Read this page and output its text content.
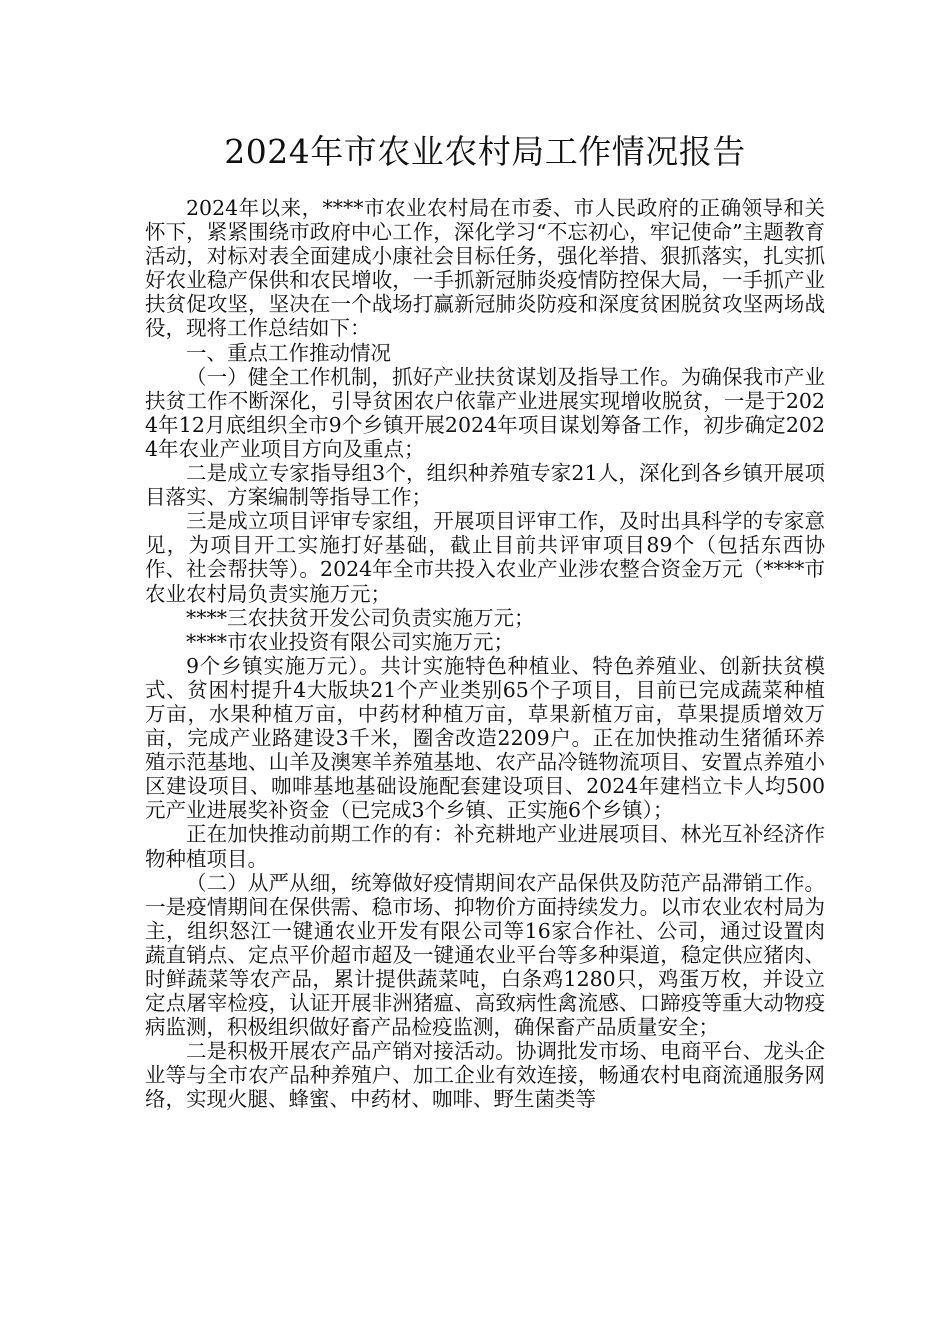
2024年市农业农村局工作情况报告

2024年以来，****市农业农村局在市委、市人民政府的正确领导和关怀下，紧紧围绕市政府中心工作，深化学习“不忘初心，牢记使命”主题教育活动，对标对表全面建成小康社会目标任务，强化举措、狠抓落实，扎实抓好农业稳产保供和农民增收，一手抓新冠肺炎疫情防控保大局，一手抓产业扶贫促攻坚，坚决在一个战场打赢新冠肺炎防疫和深度贫困脱贫攻坚两场战役，现将工作总结如下：

一、重点工作推动情况

（一）健全工作机制，抓好产业扶贫谋划及指导工作。为确保我市产业扶贫工作不断深化，引导贫困农户依靠产业进展实现增收脱贫，一是于2024年12月底组织全市9个乡镇开展2024年项目谋划筹备工作，初步确定2024年农业产业项目方向及重点；

二是成立专家指导组3个，组织种养殖专家21人，深化到各乡镇开展项目落实、方案编制等指导工作；

三是成立项目评审专家组，开展项目评审工作，及时出具科学的专家意见，为项目开工实施打好基础，截止目前共评审项目89个（包括东西协作、社会帮扶等）。2024年全市共投入农业产业涉农整合资金万元（****市农业农村局负责实施万元；

****三农扶贫开发公司负责实施万元；

****市农业投资有限公司实施万元；

9个乡镇实施万元）。共计实施特色种植业、特色养殖业、创新扶贫模式、贫困村提升4大版块21个产业类别65个子项目，目前已完成蔬菜种植万亩，水果种植万亩，中药材种植万亩，草果新植万亩，草果提质增效万亩，完成产业路建设3千米，圈舍改造2209户。正在加快推动生猪循环养殖示范基地、山羊及澳寒羊养殖基地、农产品冷链物流项目、安置点养殖小区建设项目、咖啡基地基础设施配套建设项目、2024年建档立卡人均500元产业进展奖补资金（已完成3个乡镇、正实施6个乡镇）；

正在加快推动前期工作的有：补充耕地产业进展项目、林光互补经济作物种植项目。

（二）从严从细，统筹做好疫情期间农产品保供及防范产品滞销工作。一是疫情期间在保供需、稳市场、抑物价方面持续发力。以市农业农村局为主，组织怒江一键通农业开发有限公司等16家合作社、公司，通过设置肉蔬直销点、定点平价超市超及一键通农业平台等多种渠道，稳定供应猪肉、时鲜蔬菜等农产品，累计提供蔬菜吨，白条鸡1280只，鸡蛋万枚，并设立定点屠宰检疫，认证开展非洲猪瘟、高致病性禽流感、口蹄疫等重大动物疫病监测，积极组织做好畜产品检疫监测，确保畜产品质量安全；

二是积极开展农产品产销对接活动。协调批发市场、电商平台、龙头企业等与全市农产品种养殖户、加工企业有效连接，畅通农村电商流通服务网络，实现火腿、蜂蜜、中药材、咖啡、野生菌类等
